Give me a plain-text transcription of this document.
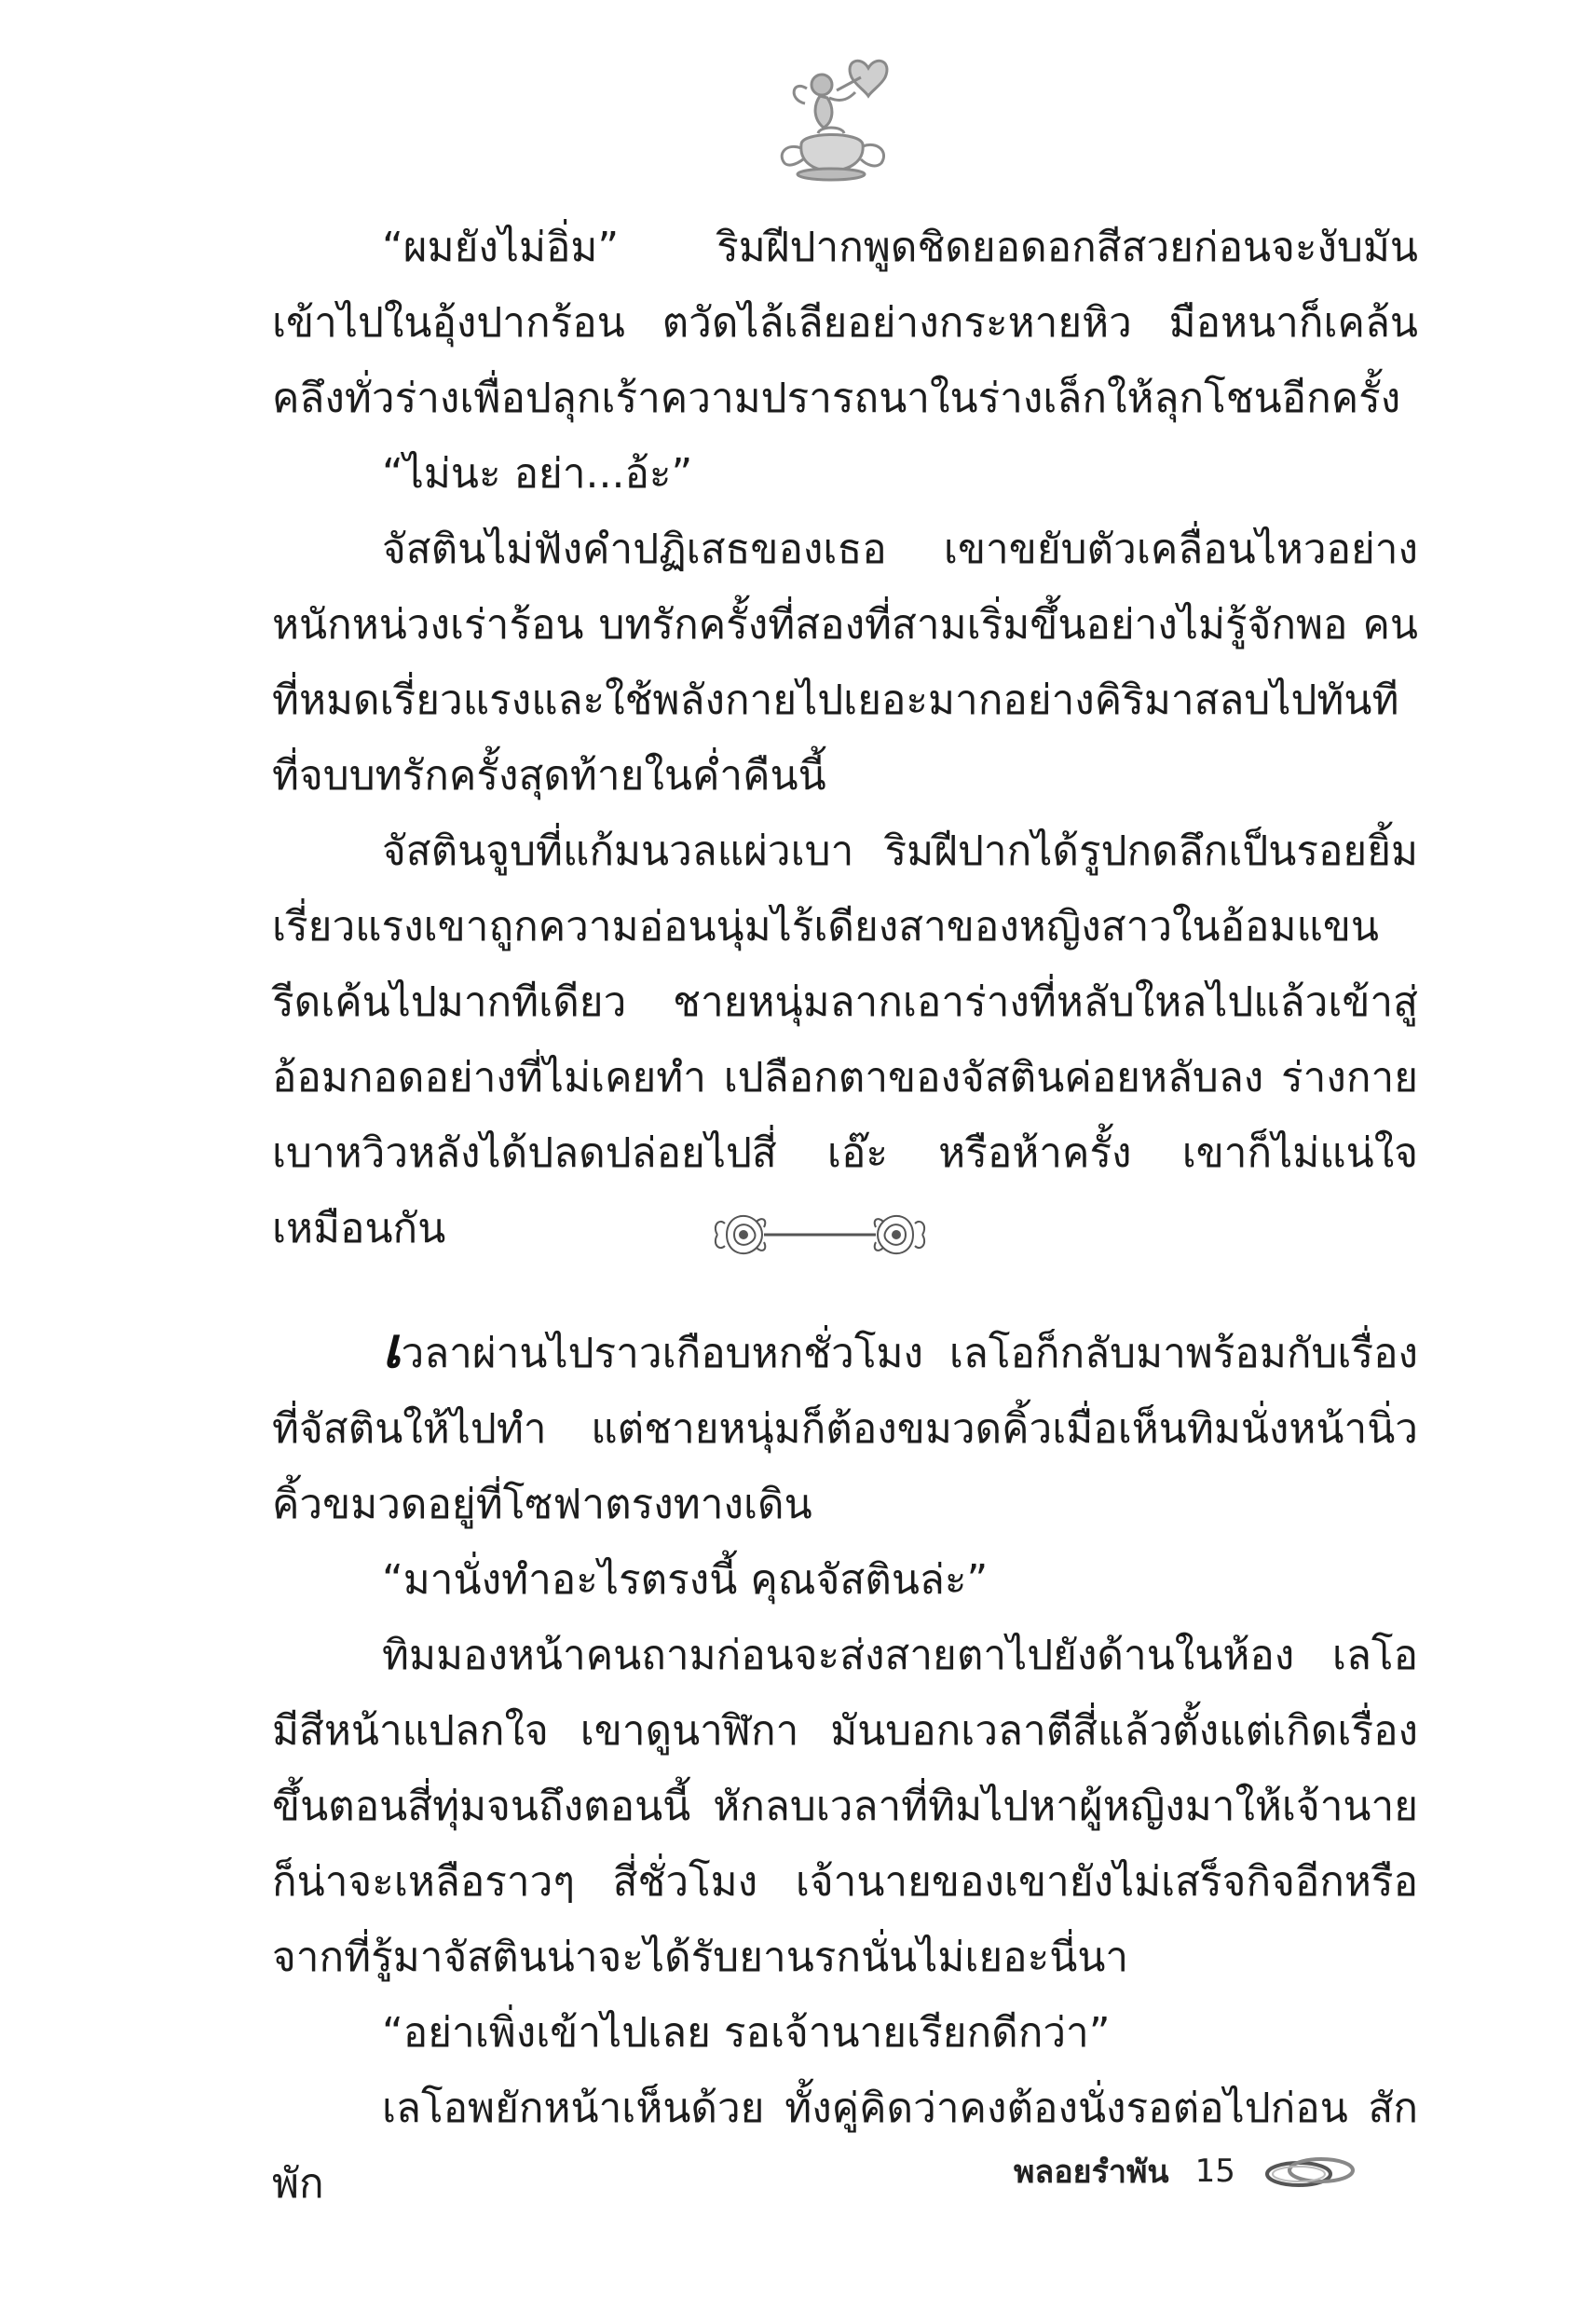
“ผมยังไม่อิ่ม” ริมฝีปากพูดชิดยอดอกสีสวยก่อนจะงับมันเข้าไปในอุ้งปากร้อน ตวัดไล้เลียอย่างกระหายหิว มือหนาก็เคล้นคลึงทั่วร่างเพื่อปลุกเร้าความปรารถนาในร่างเล็กให้ลุกโชนอีกครั้ง

“ไม่นะ อย่า...อ้ะ”

จัสตินไม่ฟังคำปฏิเสธของเธอ เขาขยับตัวเคลื่อนไหวอย่างหนักหน่วงเร่าร้อน บทรักครั้งที่สองที่สามเริ่มขึ้นอย่างไม่รู้จักพอ คนที่หมดเรี่ยวแรงและใช้พลังกายไปเยอะมากอย่างคิริมาสลบไปทันทีที่จบบทรักครั้งสุดท้ายในค่ำคืนนี้

จัสตินจูบที่แก้มนวลแผ่วเบา ริมฝีปากได้รูปกดลึกเป็นรอยยิ้มเรี่ยวแรงเขาถูกความอ่อนนุ่มไร้เดียงสาของหญิงสาวในอ้อมแขนรีดเค้นไปมากทีเดียว ชายหนุ่มลากเอาร่างที่หลับใหลไปแล้วเข้าสู่อ้อมกอดอย่างที่ไม่เคยทำ เปลือกตาของจัสตินค่อยหลับลง ร่างกายเบาหวิวหลังได้ปลดปล่อยไปสี่ เอ๊ะ หรือห้าครั้ง เขาก็ไม่แน่ใจเหมือนกัน

เวลาผ่านไปราวเกือบหกชั่วโมง เลโอก็กลับมาพร้อมกับเรื่องที่จัสตินให้ไปทำ แต่ชายหนุ่มก็ต้องขมวดคิ้วเมื่อเห็นทิมนั่งหน้านิ่วคิ้วขมวดอยู่ที่โซฟาตรงทางเดิน

“มานั่งทำอะไรตรงนี้ คุณจัสตินล่ะ”

ทิมมองหน้าคนถามก่อนจะส่งสายตาไปยังด้านในห้อง เลโอมีสีหน้าแปลกใจ เขาดูนาฬิกา มันบอกเวลาตีสี่แล้วตั้งแต่เกิดเรื่องขึ้นตอนสี่ทุ่มจนถึงตอนนี้ หักลบเวลาที่ทิมไปหาผู้หญิงมาให้เจ้านายก็น่าจะเหลือราวๆ สี่ชั่วโมง เจ้านายของเขายังไม่เสร็จกิจอีกหรือ จากที่รู้มาจัสตินน่าจะได้รับยานรกนั่นไม่เยอะนี่นา

“อย่าเพิ่งเข้าไปเลย รอเจ้านายเรียกดีกว่า”

เลโอพยักหน้าเห็นด้วย ทั้งคู่คิดว่าคงต้องนั่งรอต่อไปก่อน สักพัก	พลอยรำพัน 15
